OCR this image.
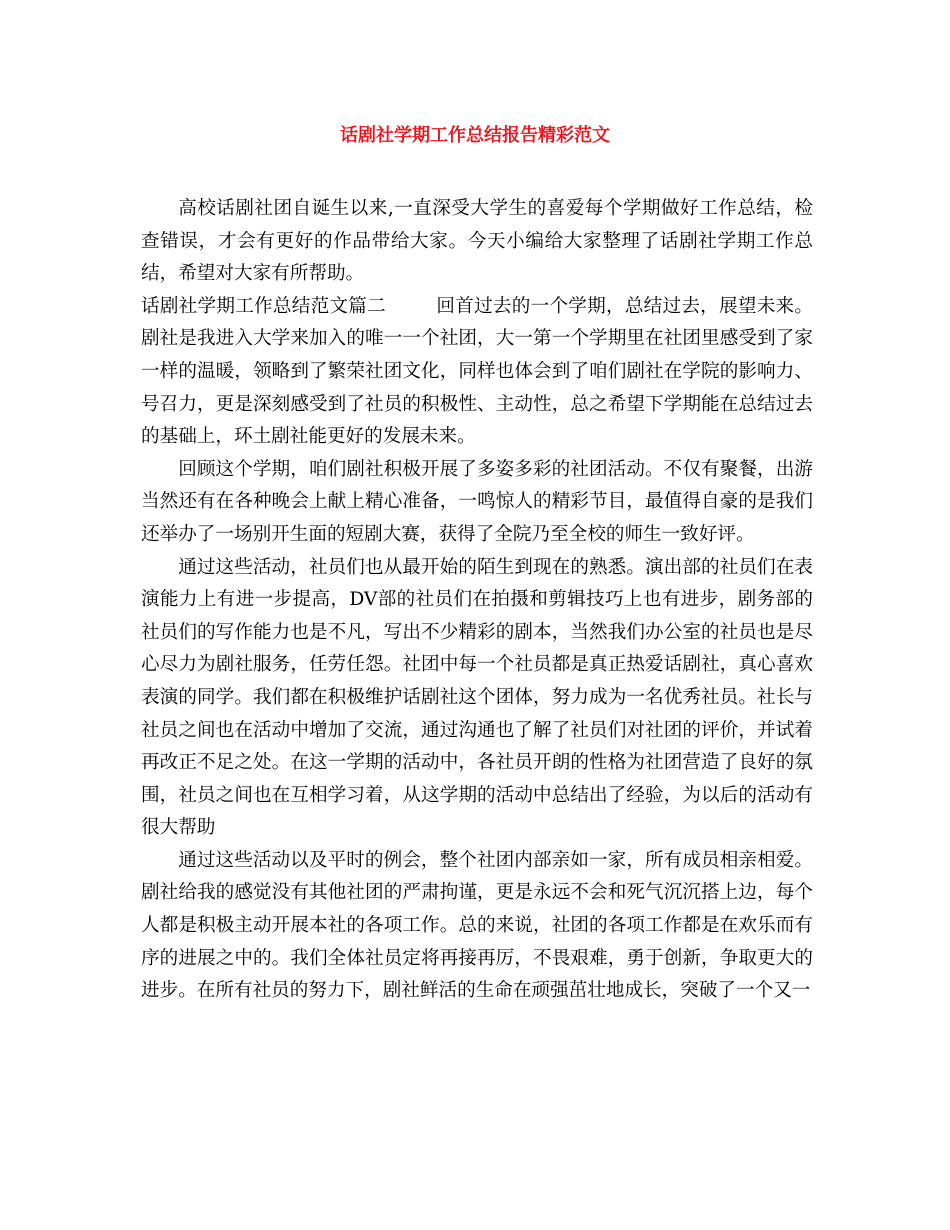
话剧社学期工作总结报告精彩范文

高校话剧社团自诞生以来,一直深受大学生的喜爱每个学期做好工作总结，检查错误，才会有更好的作品带给大家。今天小编给大家整理了话剧社学期工作总结，希望对大家有所帮助。

话剧社学期工作总结范文篇二	回首过去的一个学期，总结过去，展望未来。剧社是我进入大学来加入的唯一一个社团，大一第一个学期里在社团里感受到了家一样的温暖，领略到了繁荣社团文化，同样也体会到了咱们剧社在学院的影响力、号召力，更是深刻感受到了社员的积极性、主动性，总之希望下学期能在总结过去的基础上，环土剧社能更好的发展未来。

回顾这个学期，咱们剧社积极开展了多姿多彩的社团活动。不仅有聚餐，出游当然还有在各种晚会上献上精心准备，一鸣惊人的精彩节目，最值得自豪的是我们还举办了一场别开生面的短剧大赛，获得了全院乃至全校的师生一致好评。

通过这些活动，社员们也从最开始的陌生到现在的熟悉。演出部的社员们在表演能力上有进一步提高，DV部的社员们在拍摄和剪辑技巧上也有进步，剧务部的社员们的写作能力也是不凡，写出不少精彩的剧本，当然我们办公室的社员也是尽心尽力为剧社服务，任劳任怨。社团中每一个社员都是真正热爱话剧社，真心喜欢表演的同学。我们都在积极维护话剧社这个团体，努力成为一名优秀社员。社长与社员之间也在活动中增加了交流，通过沟通也了解了社员们对社团的评价，并试着再改正不足之处。在这一学期的活动中，各社员开朗的性格为社团营造了良好的氛围，社员之间也在互相学习着，从这学期的活动中总结出了经验，为以后的活动有很大帮助

通过这些活动以及平时的例会，整个社团内部亲如一家，所有成员相亲相爱。剧社给我的感觉没有其他社团的严肃拘谨，更是永远不会和死气沉沉搭上边，每个人都是积极主动开展本社的各项工作。总的来说，社团的各项工作都是在欢乐而有序的进展之中的。我们全体社员定将再接再厉，不畏艰难，勇于创新，争取更大的进步。在所有社员的努力下，剧社鲜活的生命在顽强茁壮地成长，突破了一个又一
